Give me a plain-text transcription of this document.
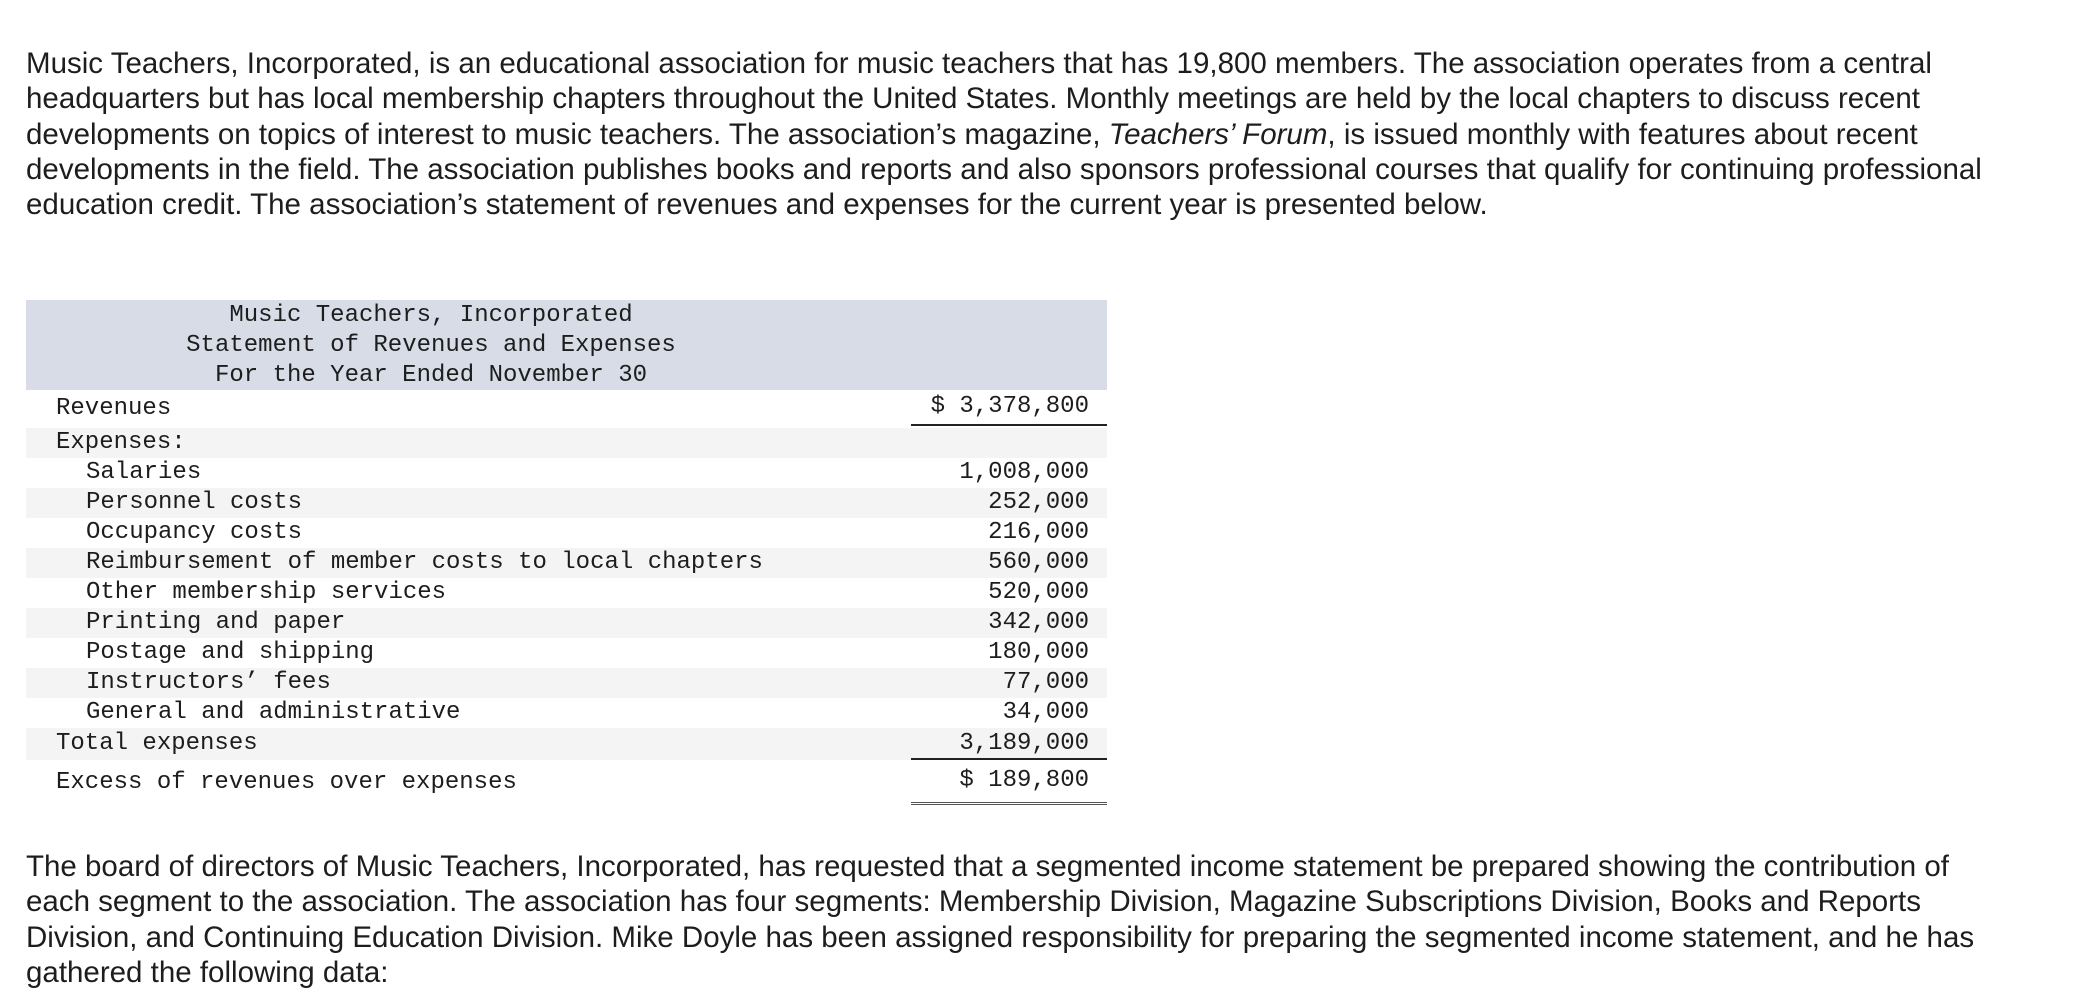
Music Teachers, Incorporated, is an educational association for music teachers that has 19,800 members. The association operates from a central headquarters but has local membership chapters throughout the United States. Monthly meetings are held by the local chapters to discuss recent developments on topics of interest to music teachers. The association’s magazine, Teachers’ Forum, is issued monthly with features about recent developments in the field. The association publishes books and reports and also sponsors professional courses that qualify for continuing professional education credit. The association’s statement of revenues and expenses for the current year is presented below.

Music Teachers, Incorporated
Statement of Revenues and Expenses
For the Year Ended November 30
Revenues	$ 3,378,800
Expenses:
Salaries	1,008,000
Personnel costs	252,000
Occupancy costs	216,000
Reimbursement of member costs to local chapters	560,000
Other membership services	520,000
Printing and paper	342,000
Postage and shipping	180,000
Instructors’ fees	77,000
General and administrative	34,000
Total expenses	3,189,000
Excess of revenues over expenses	$ 189,800

The board of directors of Music Teachers, Incorporated, has requested that a segmented income statement be prepared showing the contribution of each segment to the association. The association has four segments: Membership Division, Magazine Subscriptions Division, Books and Reports Division, and Continuing Education Division. Mike Doyle has been assigned responsibility for preparing the segmented income statement, and he has gathered the following data:
